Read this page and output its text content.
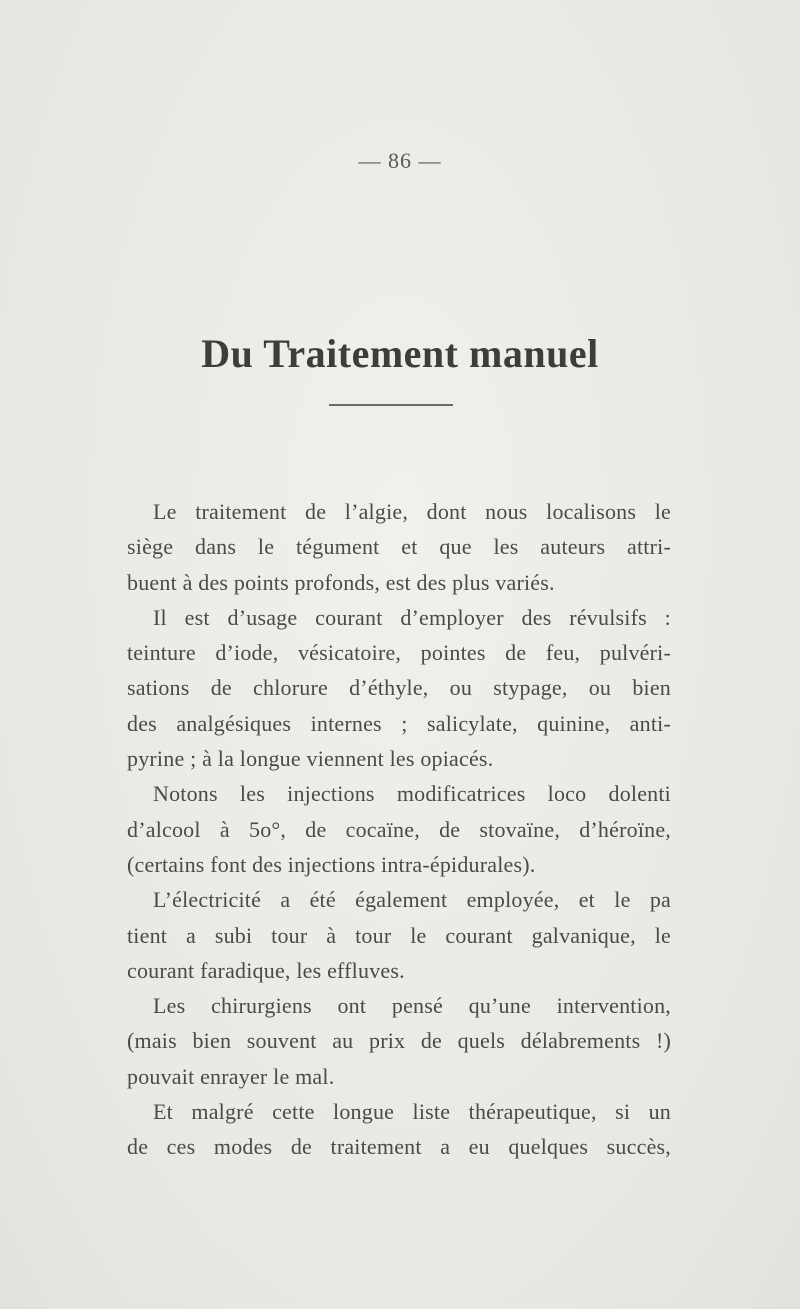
— 86 —
Du Traitement manuel
Le traitement de l’algie, dont nous localisons le
siège dans le tégument et que les auteurs attri-
buent à des points profonds, est des plus variés.
Il est d’usage courant d’employer des révulsifs :
teinture d’iode, vésicatoire, pointes de feu, pulvéri-
sations de chlorure d’éthyle, ou stypage, ou bien
des analgésiques internes ; salicylate, quinine, anti-
pyrine ; à la longue viennent les opiacés.
Notons les injections modificatrices loco dolenti
d’alcool à 5o°, de cocaïne, de stovaïne, d’héroïne,
(certains font des injections intra-épidurales).
L’électricité a été également employée, et le pa
tient a subi tour à tour le courant galvanique, le
courant faradique, les effluves.
Les chirurgiens ont pensé qu’une intervention,
(mais bien souvent au prix de quels délabrements !)
pouvait enrayer le mal.
Et malgré cette longue liste thérapeutique, si un
de ces modes de traitement a eu quelques succès,
